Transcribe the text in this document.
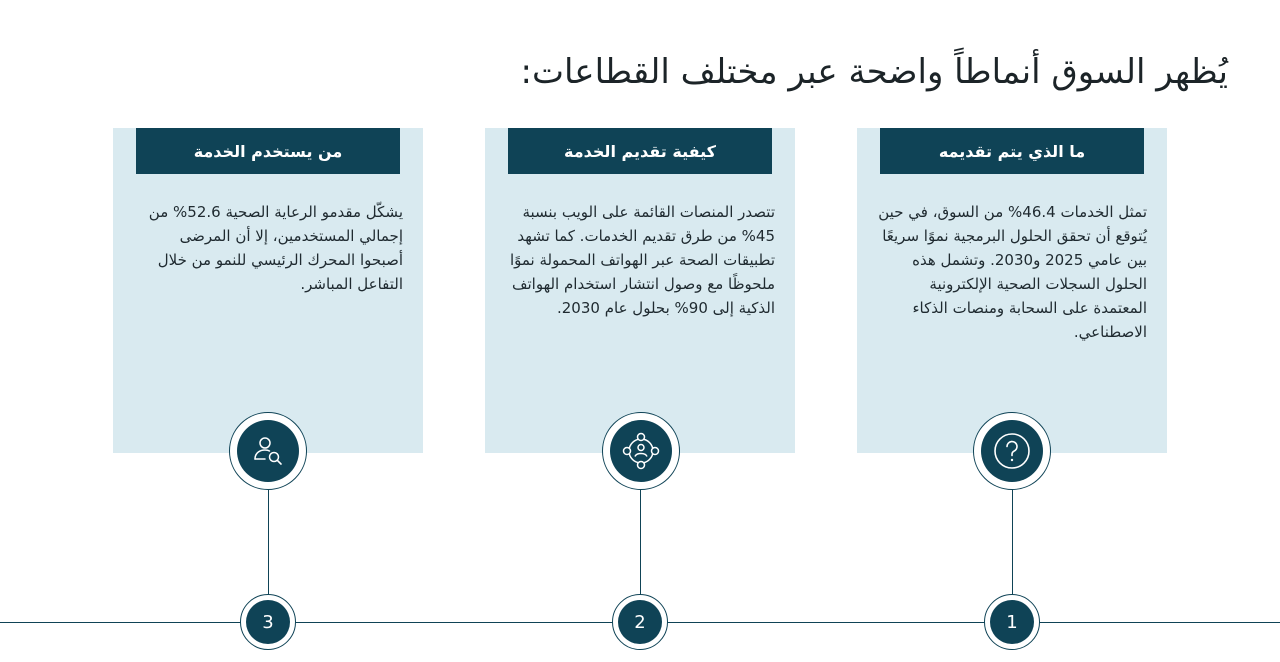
يُظهر السوق أنماطاً واضحة عبر مختلف القطاعات:
ما الذي يتم تقديمه

تمثل الخدمات 46.4% من السوق، في حين يُتوقع أن تحقق الحلول البرمجية نموًا سريعًا بين عامي 2025 و2030. وتشمل هذه الحلول السجلات الصحية الإلكترونية المعتمدة على السحابة ومنصات الذكاء الاصطناعي.

كيفية تقديم الخدمة

تتصدر المنصات القائمة على الويب بنسبة 45% من طرق تقديم الخدمات. كما تشهد تطبيقات الصحة عبر الهواتف المحمولة نموًا ملحوظًا مع وصول انتشار استخدام الهواتف الذكية إلى 90% بحلول عام 2030.

من يستخدم الخدمة

يشكّل مقدمو الرعاية الصحية 52.6% من إجمالي المستخدمين، إلا أن المرضى أصبحوا المحرك الرئيسي للنمو من خلال التفاعل المباشر.

1
2
3
